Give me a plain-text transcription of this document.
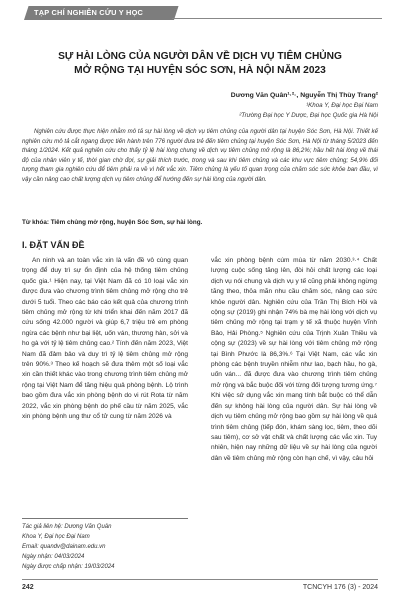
TẠP CHÍ NGHIÊN CỨU Y HỌC
SỰ HÀI LÒNG CỦA NGƯỜI DÂN VỀ DỊCH VỤ TIÊM CHỦNG
MỞ RỘNG TẠI HUYỆN SÓC SƠN, HÀ NỘI NĂM 2023
Dương Văn Quân¹·²·, Nguyễn Thị Thùy Trang²
¹Khoa Y, Đại học Đại Nam
²Trường Đại học Y Dược, Đại học Quốc gia Hà Nội
Nghiên cứu được thực hiện nhằm mô tả sự hài lòng về dịch vụ tiêm chủng của người dân tại huyện Sóc Sơn, Hà Nội. Thiết kế nghiên cứu mô tả cắt ngang được tiến hành trên 776 người đưa trẻ đến tiêm chủng tại huyện Sóc Sơn, Hà Nội từ tháng 5/2023 đến tháng 1/2024. Kết quả nghiên cứu cho thấy tỷ lệ hài lòng chung về dịch vụ tiêm chủng mở rộng là 86,2%; hầu hết hài lòng về thái độ của nhân viên y tế, thời gian chờ đợi, sự giải thích trước, trong và sau khi tiêm chủng và các khu vực tiêm chủng; 54,9% đối tượng tham gia nghiên cứu để tiêm phải ra về vì hết vắc xin. Tiêm chủng là yếu tố quan trọng của chăm sóc sức khỏe ban đầu, vì vậy cần nâng cao chất lượng dịch vụ tiêm chủng để hướng đến sự hài lòng của người dân.
Từ khóa: Tiêm chủng mở rộng, huyện Sóc Sơn, sự hài lòng.
I. ĐẶT VẤN ĐỀ

An ninh và an toàn vắc xin là vấn đề vô cùng quan trọng để duy trì sự ổn định của hệ thống tiêm chủng quốc gia.¹ Hiện nay, tại Việt Nam đã có 10 loại vắc xin được đưa vào chương trình tiêm chủng mở rộng cho trẻ dưới 5 tuổi. Theo các báo cáo kết quả của chương trình tiêm chủng mở rộng từ khi triển khai đến năm 2017 đã cứu sống 42.000 người và giúp 6,7 triệu trẻ em phòng ngừa các bệnh như bại liệt, uốn ván, thương hàn, sởi và ho gà với tỷ lệ tiêm chủng cao.² Tính đến năm 2023, Việt Nam đã đảm bảo và duy trì tỷ lệ tiêm chủng mở rộng trên 90%.³ Theo kế hoạch sẽ đưa thêm một số loại vắc xin cần thiết khác vào trong chương trình tiêm chủng mở rộng tại Việt Nam để tăng hiệu quả phòng bệnh. Lộ trình bao gồm đưa vắc xin phòng bệnh do vi rút Rota từ năm 2022, vắc xin phòng bệnh do phế cầu từ năm 2025, vắc xin phòng bệnh ung thư cổ tử cung từ năm 2026 và

vắc xin phòng bệnh cúm mùa từ năm 2030.³·⁴ Chất lượng cuộc sống tăng lên, đòi hỏi chất lượng các loại dịch vụ nói chung và dịch vụ y tế cũng phải không ngừng tăng theo, thỏa mãn nhu cầu chăm sóc, nâng cao sức khỏe người dân. Nghiên cứu của Trần Thị Bích Hồi và cộng sự (2019) ghi nhận 74% bà mẹ hài lòng với dịch vụ tiêm chủng mở rộng tại trạm y tế xã thuộc huyện Vĩnh Bảo, Hải Phòng.⁵ Nghiên cứu của Trịnh Xuân Thiều và cộng sự (2023) về sự hài lòng với tiêm chủng mở rộng tại Bình Phước là 86,3%.⁶ Tại Việt Nam, các vắc xin phòng các bệnh truyền nhiễm như lao, bạch hầu, ho gà, uốn ván... đã được đưa vào chương trình tiêm chủng mở rộng và bắc buộc đối với từng đối tượng tương ứng.⁷ Khi việc sử dụng vắc xin mang tính bắt buộc có thể dẫn đến sự không hài lòng của người dân. Sự hài lòng về dịch vụ tiêm chủng mở rộng bao gồm sự hài lòng về quá trình tiêm chủng (tiếp đón, khám sàng lọc, tiêm, theo dõi sau tiêm), cơ sở vật chất và chất lượng các vắc xin. Tuy nhiên, hiện nay những dữ liệu về sự hài lòng của người dân về tiêm chủng mở rộng còn hạn chế, vì vậy, câu hỏi

Tác giả liên hệ: Dương Văn Quân
Khoa Y, Đại học Đại Nam
Email: quandv@dainam.edu.vn
Ngày nhận: 04/03/2024
Ngày được chấp nhận: 19/03/2024
242	TCNCYH 176 (3) - 2024
